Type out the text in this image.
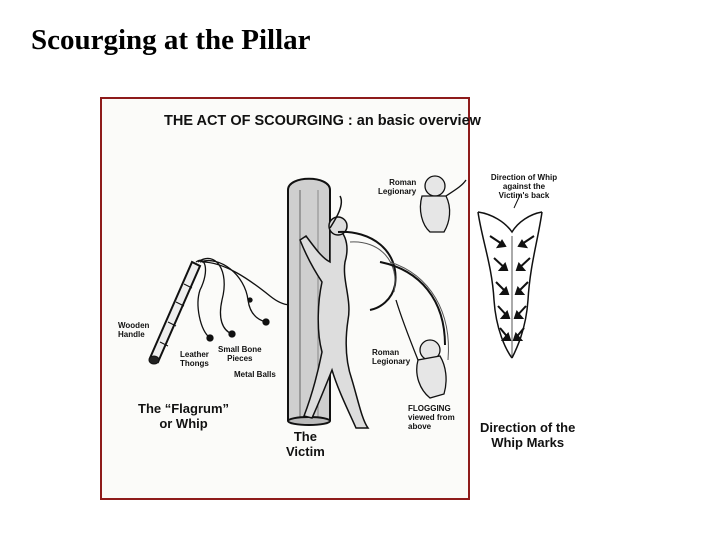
Scourging at the Pillar
THE ACT OF SCOURGING : an basic overview
Roman
Legionary
Direction of Whip
against the
Victim's back
Wooden
Handle
Leather
Thongs
Small Bone
Pieces
Metal Balls
Roman
Legionary
The “Flagrum”
or Whip
FLOGGING
viewed from
above
The
Victim
Direction of the
Whip Marks
